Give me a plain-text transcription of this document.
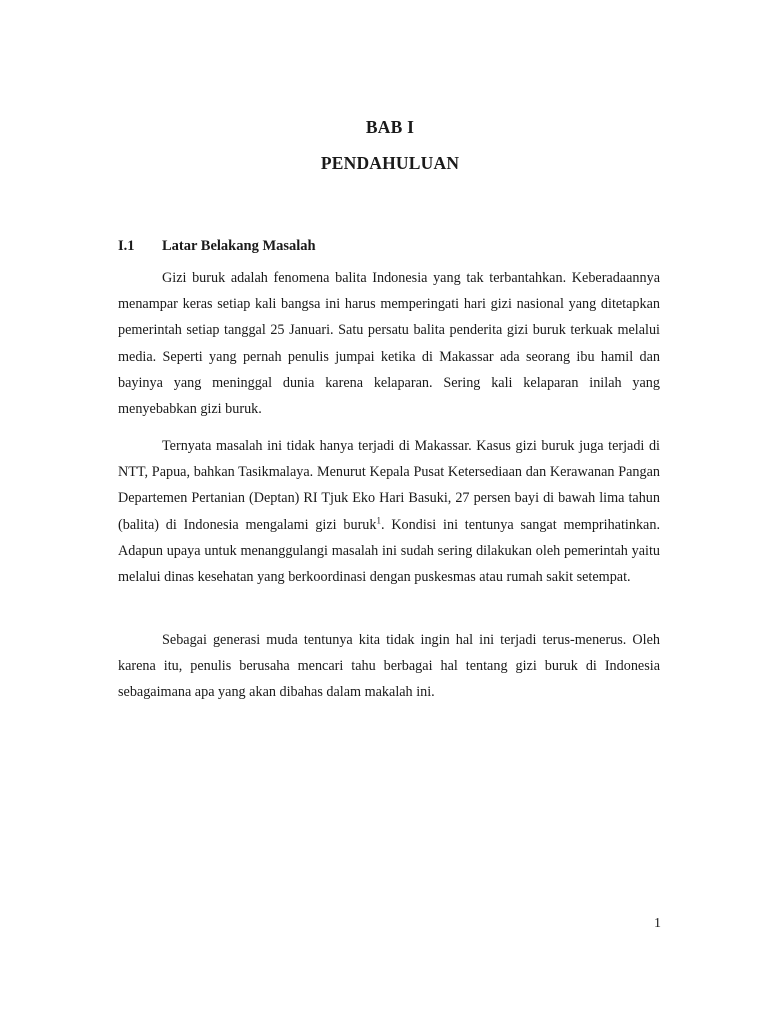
BAB I
PENDAHULUAN
I.1 Latar Belakang Masalah

Gizi buruk adalah fenomena balita Indonesia yang tak terbantahkan. Keberadaannya menampar keras setiap kali bangsa ini harus memperingati hari gizi nasional yang ditetapkan pemerintah setiap tanggal 25 Januari. Satu persatu balita penderita gizi buruk terkuak melalui media. Seperti yang pernah penulis jumpai ketika di Makassar ada seorang ibu hamil dan bayinya yang meninggal dunia karena kelaparan. Sering kali kelaparan inilah yang menyebabkan gizi buruk.

Ternyata masalah ini tidak hanya terjadi di Makassar. Kasus gizi buruk juga terjadi di NTT, Papua, bahkan Tasikmalaya. Menurut Kepala Pusat Ketersediaan dan Kerawanan Pangan Departemen Pertanian (Deptan) RI Tjuk Eko Hari Basuki, 27 persen bayi di bawah lima tahun (balita) di Indonesia mengalami gizi buruk$^1$. Kondisi ini tentunya sangat memprihatinkan. Adapun upaya untuk menanggulangi masalah ini sudah sering dilakukan oleh pemerintah yaitu melalui dinas kesehatan yang berkoordinasi dengan puskesmas atau rumah sakit setempat.

Sebagai generasi muda tentunya kita tidak ingin hal ini terjadi terus-menerus. Oleh karena itu, penulis berusaha mencari tahu berbagai hal tentang gizi buruk di Indonesia sebagaimana apa yang akan dibahas dalam makalah ini.

1
